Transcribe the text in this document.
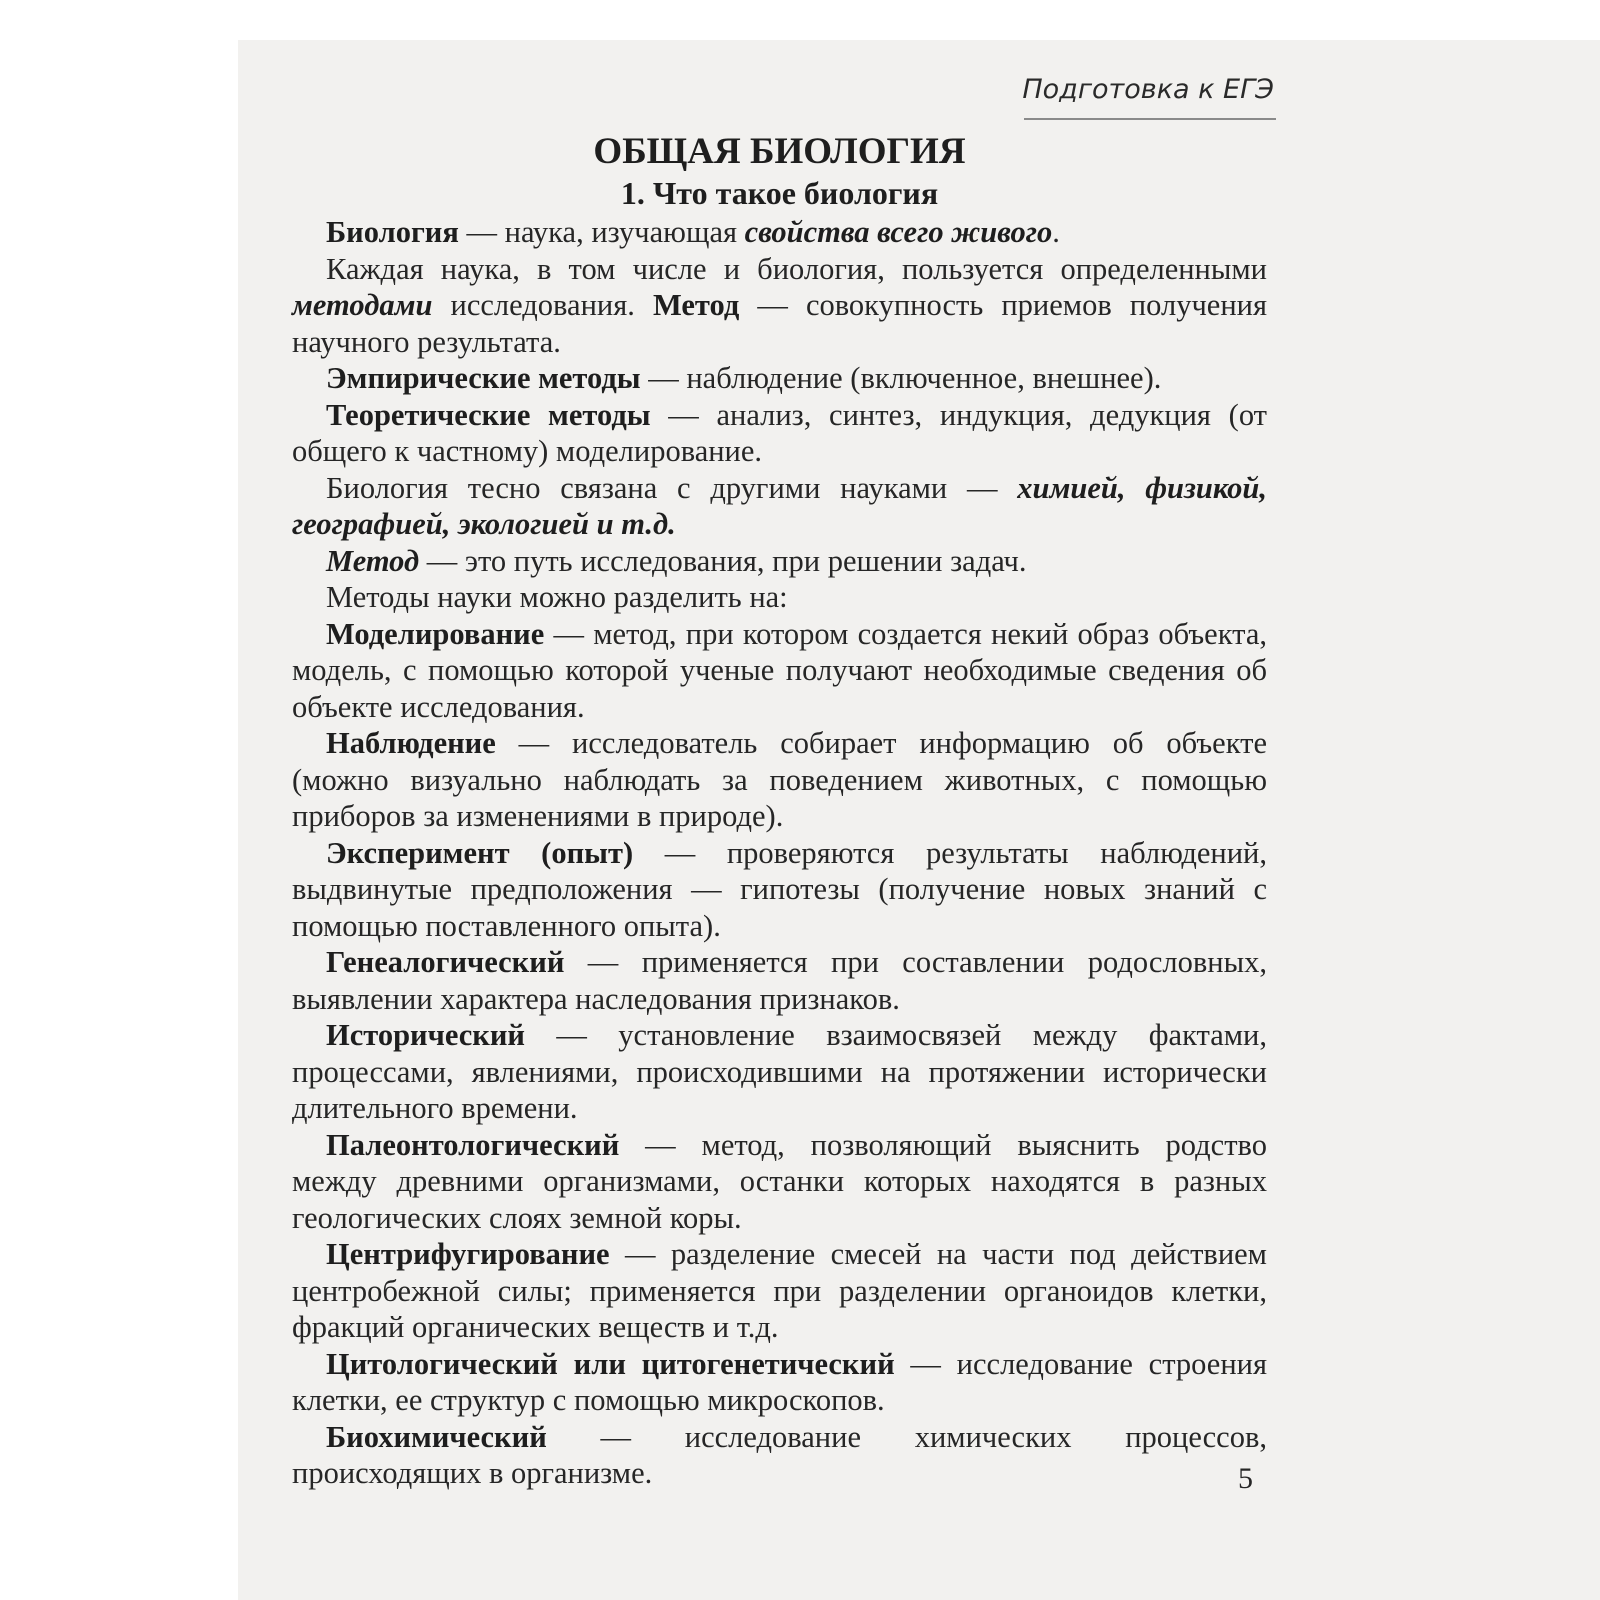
Подготовка к ЕГЭ
ОБЩАЯ БИОЛОГИЯ
1. Что такое биология

Биология — наука, изучающая свойства всего живого.

Каждая наука, в том числе и биология, пользуется определенными методами исследования. Метод — совокупность приемов получения научного результата.

Эмпирические методы — наблюдение (включенное, внешнее).

Теоретические методы — анализ, синтез, индукция, дедукция (от общего к частному) моделирование.

Биология тесно связана с другими науками — химией, физикой, географией, экологией и т.д.

Метод — это путь исследования, при решении задач.

Методы науки можно разделить на:

Моделирование — метод, при котором создается некий образ объекта, модель, с помощью которой ученые получают необходимые сведения об объекте исследования.

Наблюдение — исследователь собирает информацию об объекте (можно визуально наблюдать за поведением животных, с помощью приборов за изменениями в природе).

Эксперимент (опыт) — проверяются результаты наблюдений, выдвинутые предположения — гипотезы (получение новых знаний с помощью поставленного опыта).

Генеалогический — применяется при составлении родословных, выявлении характера наследования признаков.

Исторический — установление взаимосвязей между фактами, процессами, явлениями, происходившими на протяжении исторически длительного времени.

Палеонтологический — метод, позволяющий выяснить родство между древними организмами, останки которых находятся в разных геологических слоях земной коры.

Центрифугирование — разделение смесей на части под действием центробежной силы; применяется при разделении органоидов клетки, фракций органических веществ и т.д.

Цитологический или цитогенетический — исследование строения клетки, ее структур с помощью микроскопов.

Биохимический — исследование химических процессов, происходящих в организме.	5
